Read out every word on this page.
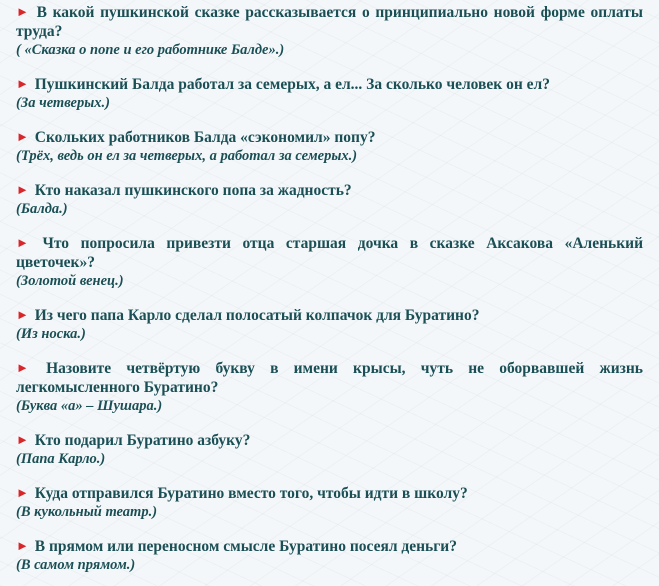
► В какой пушкинской сказке рассказывается о принципиально новой форме оплаты труда?

( «Сказка о попе и его работнике Балде».)

► Пушкинский Балда работал за семерых, а ел... За сколько человек он ел?

(За четверых.)

► Скольких работников Балда «сэкономил» попу?

(Трёх, ведь он ел за четверых, а работал за семерых.)

► Кто наказал пушкинского попа за жадность?

(Балда.)

► Что попросила привезти отца старшая дочка в сказке Аксакова «Аленький цветочек»?

(Золотой венец.)

► Из чего папа Карло сделал полосатый колпачок для Буратино?

(Из носка.)

► Назовите четвёртую букву в имени крысы, чуть не оборвавшей жизнь легкомысленного Буратино?

(Буква «а» – Шушара.)

► Кто подарил Буратино азбуку?

(Папа Карло.)

► Куда отправился Буратино вместо того, чтобы идти в школу?

(В кукольный театр.)

► В прямом или переносном смысле Буратино посеял деньги?

(В самом прямом.)
